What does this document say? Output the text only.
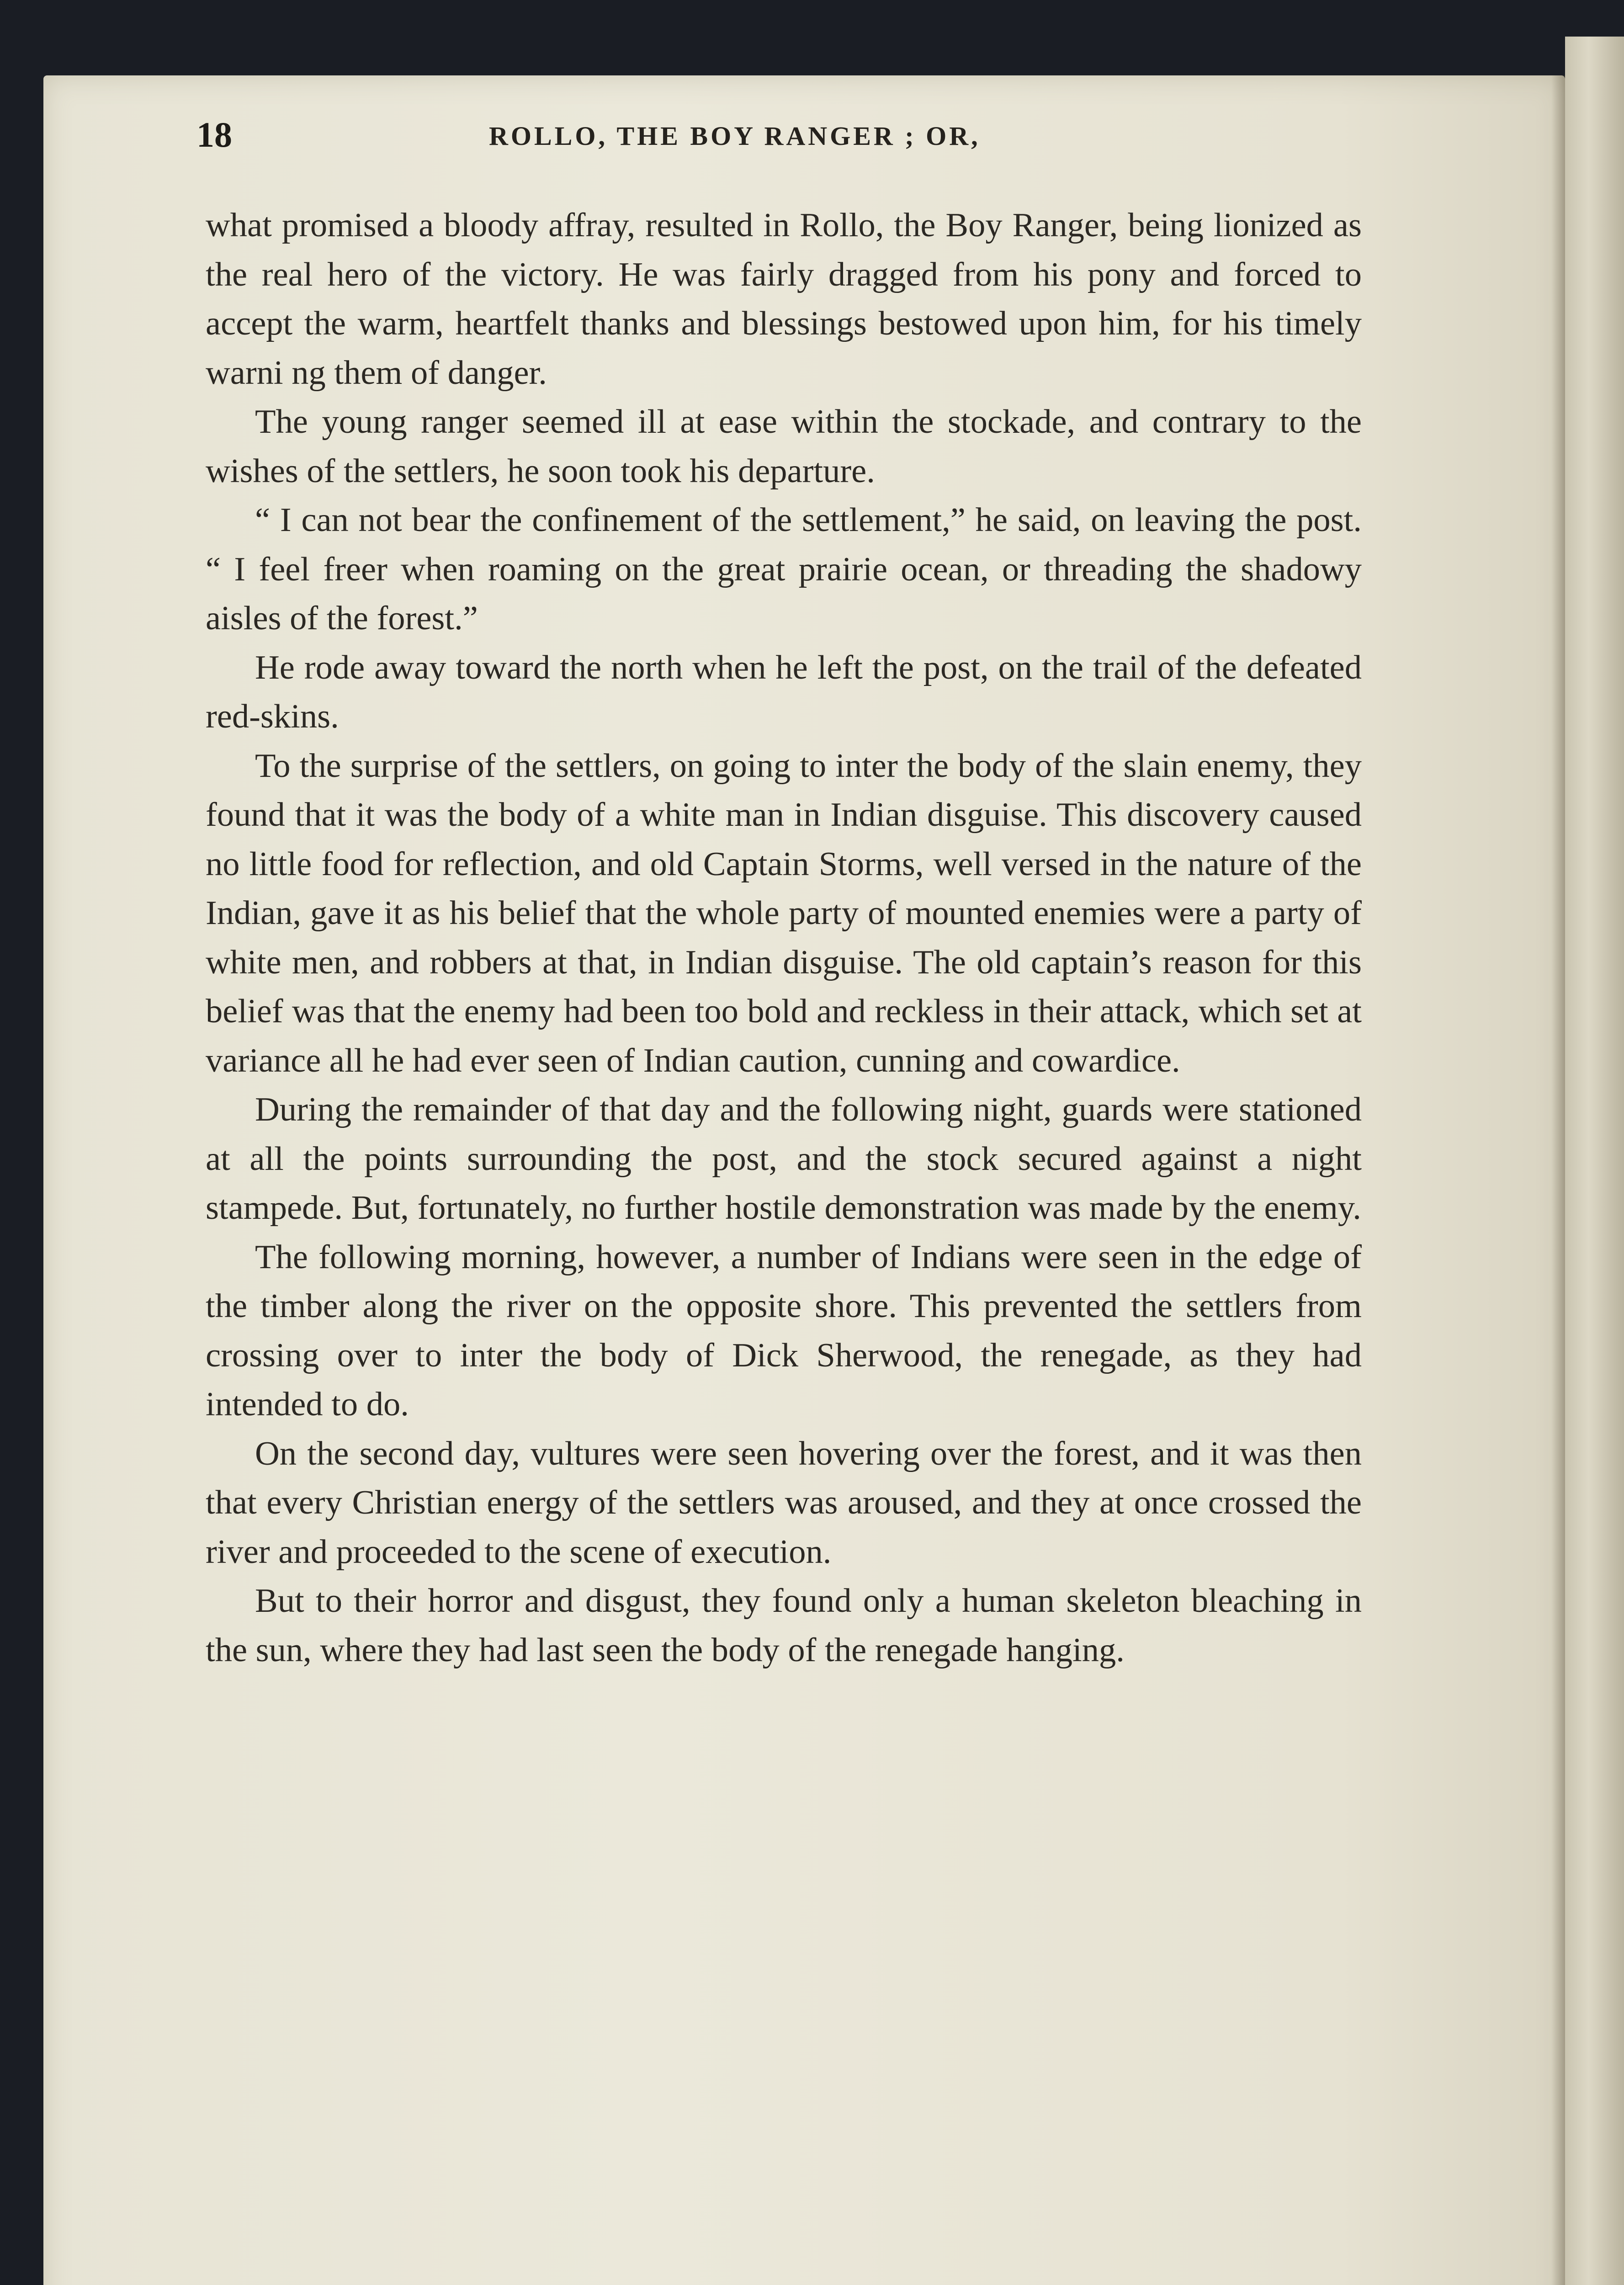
18	ROLLO, THE BOY RANGER ; OR,

what promised a bloody affray, resulted in Rollo, the Boy Ranger, being lionized as the real hero of the victory. He was fairly dragged from his pony and forced to accept the warm, heartfelt thanks and blessings bestowed upon him, for his timely warni ng them of danger.

The young ranger seemed ill at ease within the stockade, and contrary to the wishes of the settlers, he soon took his departure.

“ I can not bear the confinement of the settlement,” he said, on leaving the post. “ I feel freer when roaming on the great prairie ocean, or threading the shadowy aisles of the forest.”

He rode away toward the north when he left the post, on the trail of the defeated red-skins.

To the surprise of the settlers, on going to inter the body of the slain enemy, they found that it was the body of a white man in Indian disguise. This discovery caused no little food for reflection, and old Captain Storms, well versed in the nature of the Indian, gave it as his belief that the whole party of mounted enemies were a party of white men, and robbers at that, in Indian disguise. The old captain’s reason for this belief was that the enemy had been too bold and reckless in their attack, which set at variance all he had ever seen of Indian caution, cunning and cowardice.

During the remainder of that day and the following night, guards were stationed at all the points surrounding the post, and the stock secured against a night stampede. But, fortunately, no further hostile demonstration was made by the enemy.

The following morning, however, a number of Indians were seen in the edge of the timber along the river on the opposite shore. This prevented the settlers from crossing over to inter the body of Dick Sherwood, the renegade, as they had intended to do.

On the second day, vultures were seen hovering over the forest, and it was then that every Christian energy of the settlers was aroused, and they at once crossed the river and proceeded to the scene of execution.

But to their horror and disgust, they found only a human skeleton bleaching in the sun, where they had last seen the body of the renegade hanging.
